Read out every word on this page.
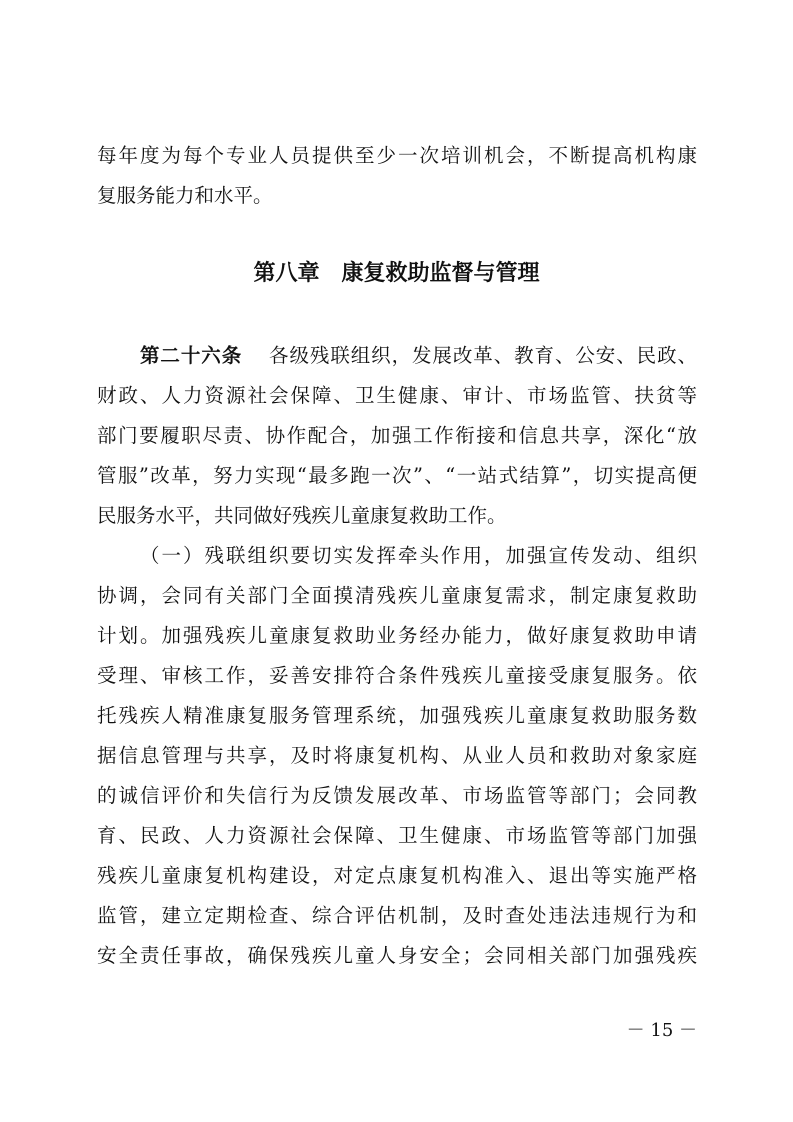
每年度为每个专业人员提供至少一次培训机会，不断提高机构康
复服务能力和水平。
第八章　康复救助监督与管理
第二十六条 各级残联组织，发展改革、教育、公安、民政、
财政、人力资源社会保障、卫生健康、审计、市场监管、扶贫等
部门要履职尽责、协作配合，加强工作衔接和信息共享，深化“放
管服”改革，努力实现“最多跑一次”、“一站式结算”，切实提高便
民服务水平，共同做好残疾儿童康复救助工作。
（一）残联组织要切实发挥牵头作用，加强宣传发动、组织
协调，会同有关部门全面摸清残疾儿童康复需求，制定康复救助
计划。加强残疾儿童康复救助业务经办能力，做好康复救助申请
受理、审核工作，妥善安排符合条件残疾儿童接受康复服务。依
托残疾人精准康复服务管理系统，加强残疾儿童康复救助服务数
据信息管理与共享，及时将康复机构、从业人员和救助对象家庭
的诚信评价和失信行为反馈发展改革、市场监管等部门；会同教
育、民政、人力资源社会保障、卫生健康、市场监管等部门加强
残疾儿童康复机构建设，对定点康复机构准入、退出等实施严格
监管，建立定期检查、综合评估机制，及时查处违法违规行为和
安全责任事故，确保残疾儿童人身安全；会同相关部门加强残疾
－ 15 －
